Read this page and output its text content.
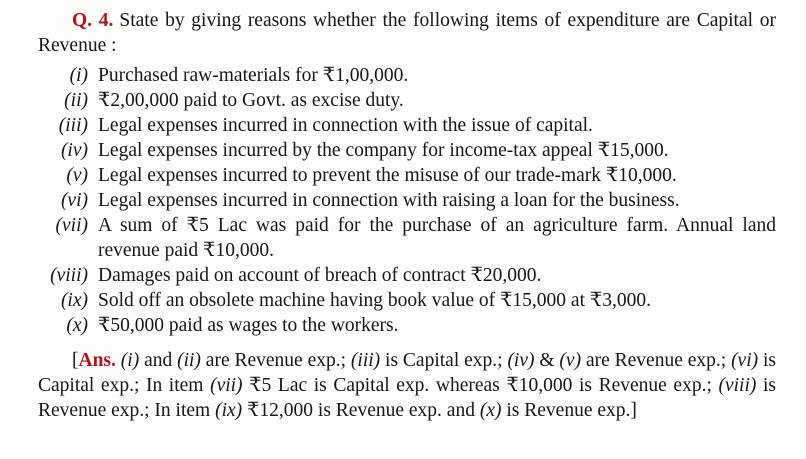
Q. 4. State by giving reasons whether the following items of expenditure are Capital or Revenue :

(i) Purchased raw-materials for ₹1,00,000.
(ii) ₹2,00,000 paid to Govt. as excise duty.
(iii) Legal expenses incurred in connection with the issue of capital.
(iv) Legal expenses incurred by the company for income-tax appeal ₹15,000.
(v) Legal expenses incurred to prevent the misuse of our trade-mark ₹10,000.
(vi) Legal expenses incurred in connection with raising a loan for the business.
(vii) A sum of ₹5 Lac was paid for the purchase of an agriculture farm. Annual land revenue paid ₹10,000.
(viii) Damages paid on account of breach of contract ₹20,000.
(ix) Sold off an obsolete machine having book value of ₹15,000 at ₹3,000.
(x) ₹50,000 paid as wages to the workers.

[Ans. (i) and (ii) are Revenue exp.; (iii) is Capital exp.; (iv) & (v) are Revenue exp.; (vi) is Capital exp.; In item (vii) ₹5 Lac is Capital exp. whereas ₹10,000 is Revenue exp.; (viii) is Revenue exp.; In item (ix) ₹12,000 is Revenue exp. and (x) is Revenue exp.]
